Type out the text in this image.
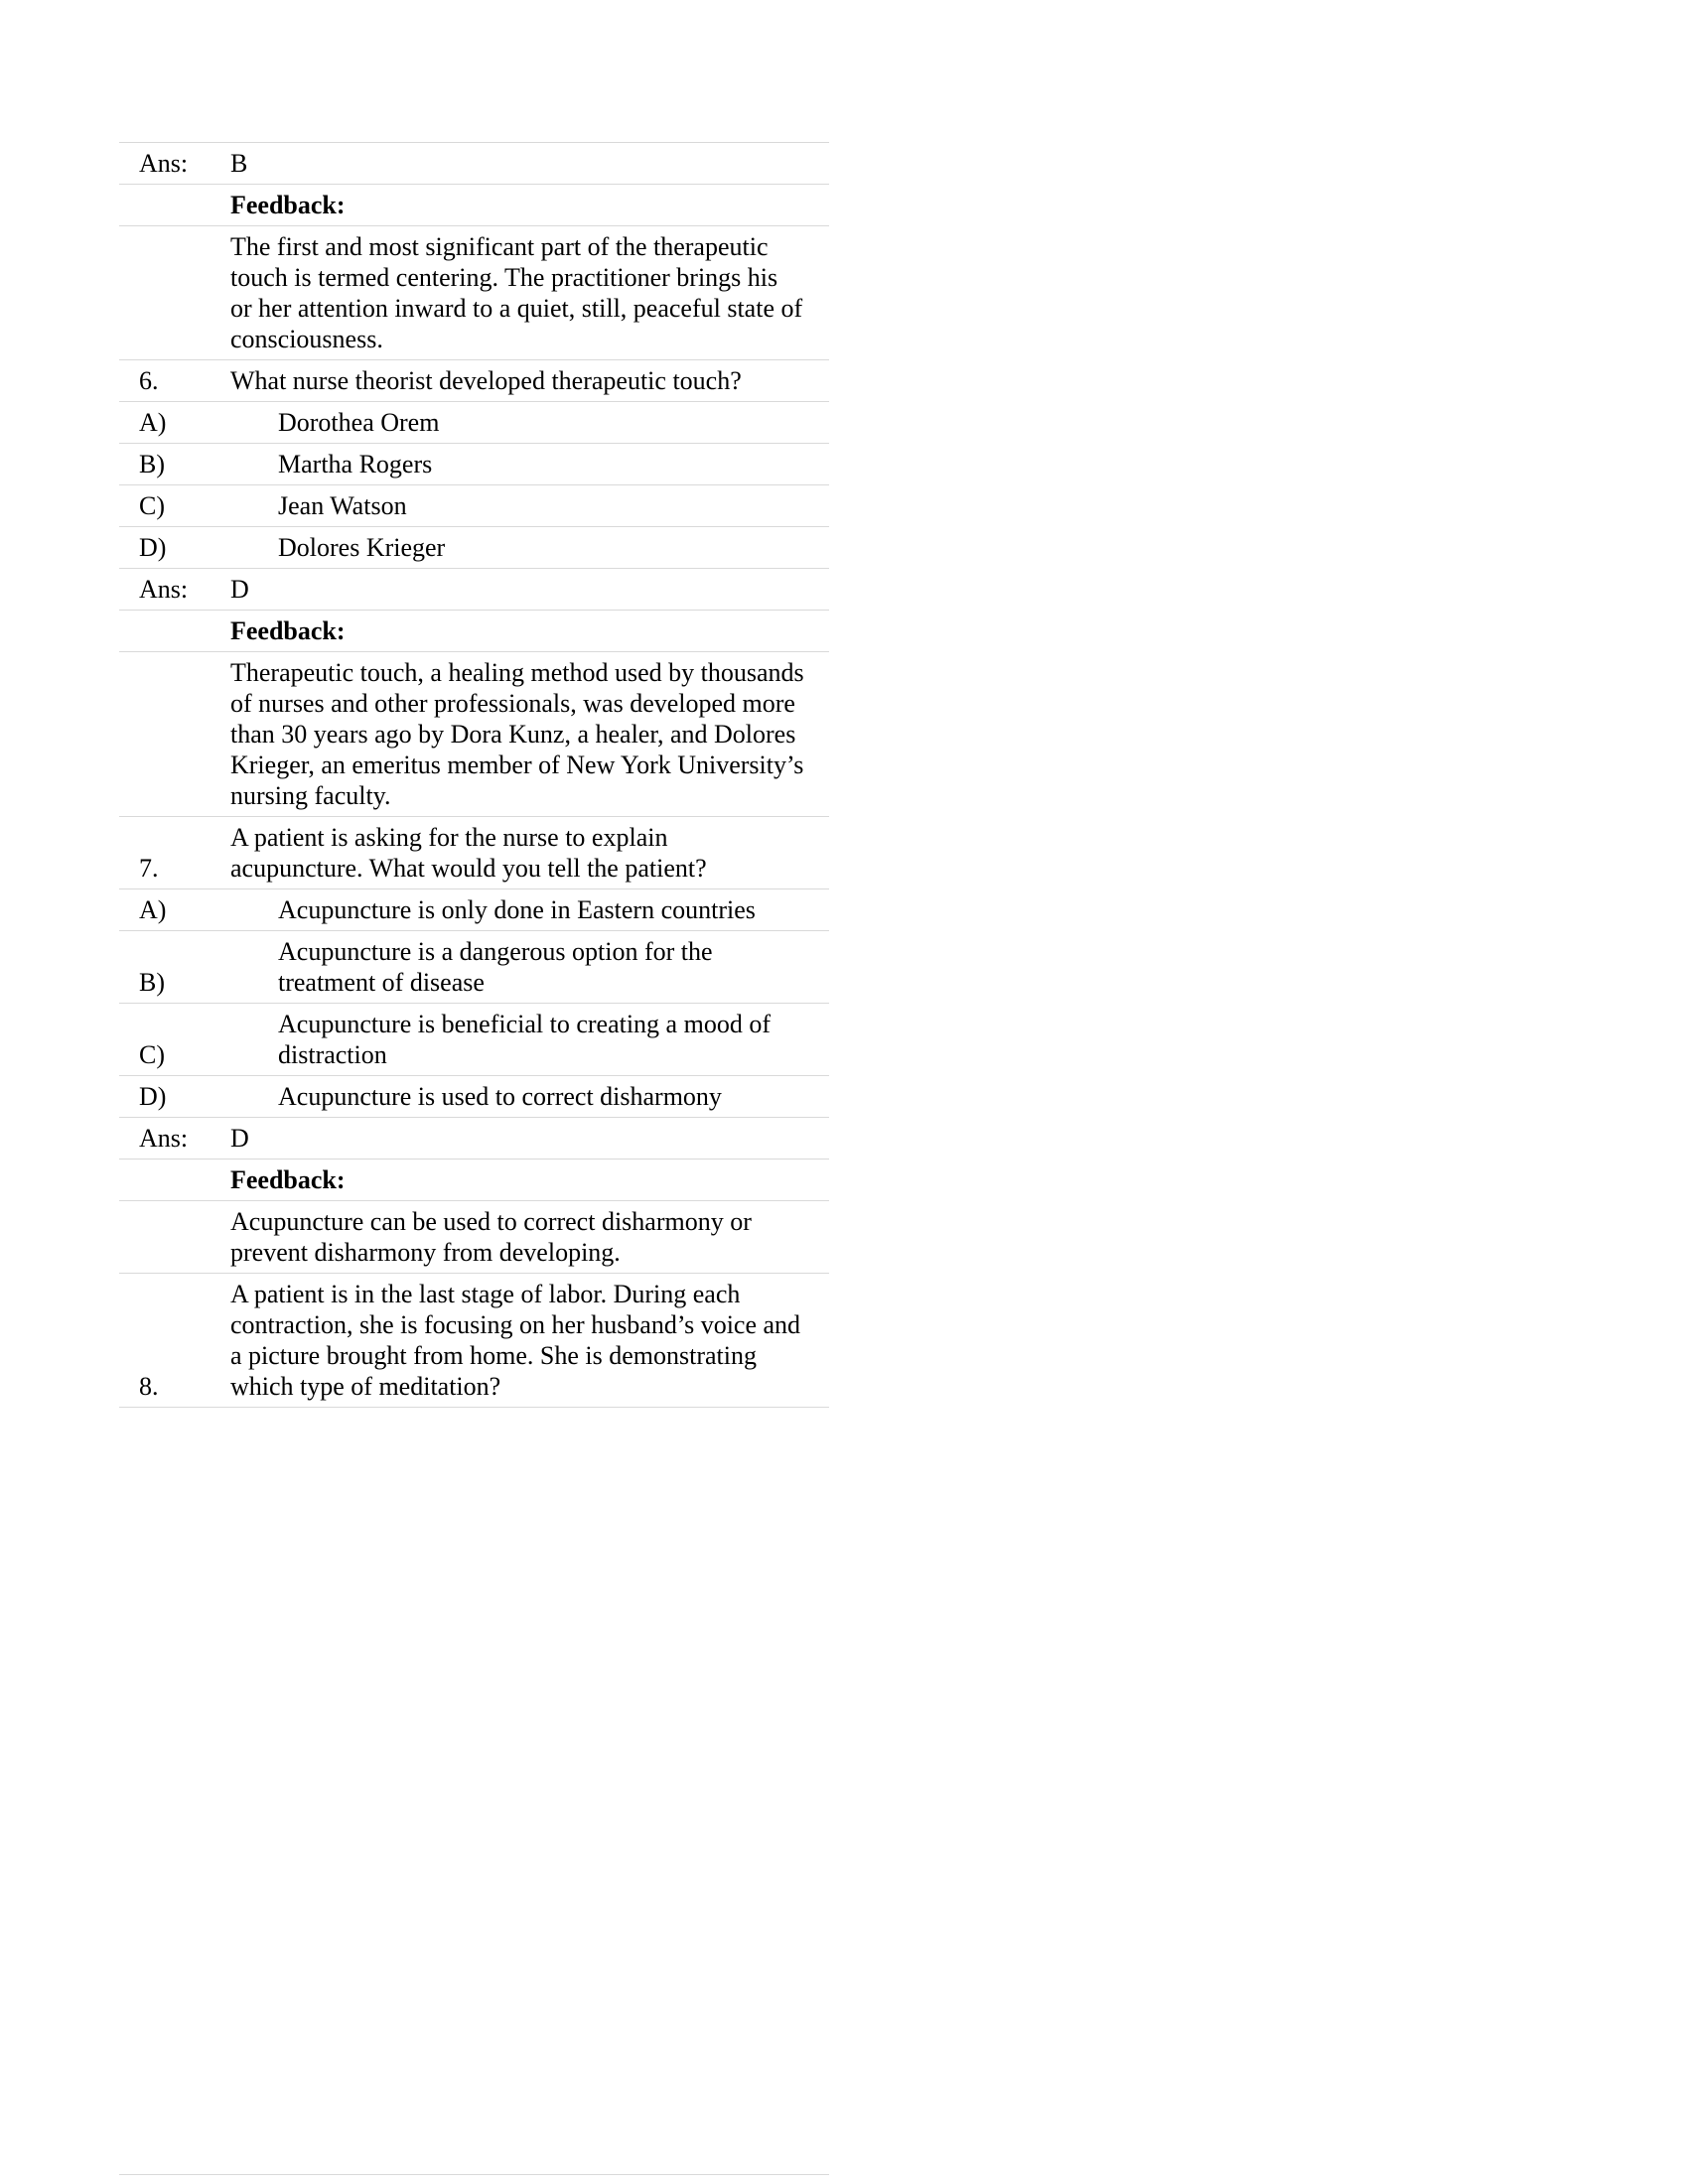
Ans:	B
	Feedback:
	The first and most significant part of the therapeutic touch is termed centering. The practitioner brings his or her attention inward to a quiet, still, peaceful state of consciousness.
6.	What nurse theorist developed therapeutic touch?
A)	Dorothea Orem
B)	Martha Rogers
C)	Jean Watson
D)	Dolores Krieger
Ans:	D
	Feedback:
	Therapeutic touch, a healing method used by thousands of nurses and other professionals, was developed more than 30 years ago by Dora Kunz, a healer, and Dolores Krieger, an emeritus member of New York University’s nursing faculty.
7.	A patient is asking for the nurse to explain acupuncture. What would you tell the patient?
A)	Acupuncture is only done in Eastern countries
B)	Acupuncture is a dangerous option for the treatment of disease
C)	Acupuncture is beneficial to creating a mood of distraction
D)	Acupuncture is used to correct disharmony
Ans:	D
	Feedback:
	Acupuncture can be used to correct disharmony or prevent disharmony from developing.
8.	A patient is in the last stage of labor. During each contraction, she is focusing on her husband’s voice and a picture brought from home. She is demonstrating which type of meditation?
